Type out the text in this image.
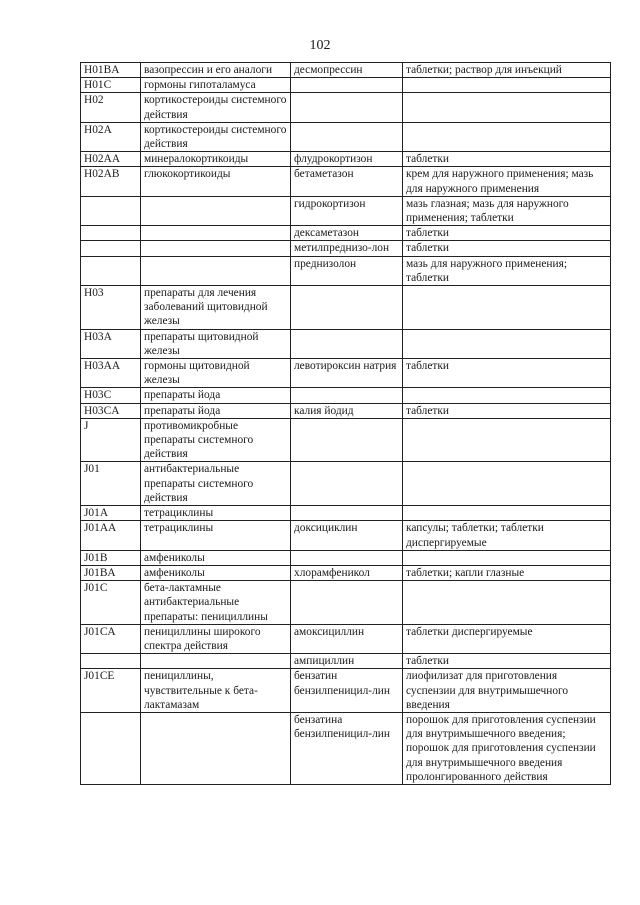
102
H01BA	вазопрессин и его аналоги	десмопрессин	таблетки; раствор для инъекций
H01C	гормоны гипоталамуса		
H02	кортикостероиды системного действия		
H02A	кортикостероиды системного действия		
H02AA	минералокортикоиды	флудрокортизон	таблетки
H02AB	глюкокортикоиды	бетаметазон	крем для наружного применения; мазь для наружного применения
		гидрокортизон	мазь глазная; мазь для наружного применения; таблетки
		дексаметазон	таблетки
		метилпреднизо-лон	таблетки
		преднизолон	мазь для наружного применения; таблетки
H03	препараты для лечения заболеваний щитовидной железы		
H03A	препараты щитовидной железы		
H03AA	гормоны щитовидной железы	левотироксин натрия	таблетки
H03C	препараты йода		
H03CA	препараты йода	калия йодид	таблетки
J	противомикробные препараты системного действия		
J01	антибактериальные препараты системного действия		
J01A	тетрациклины		
J01AA	тетрациклины	доксициклин	капсулы; таблетки; таблетки диспергируемые
J01B	амфениколы		
J01BA	амфениколы	хлорамфеникол	таблетки; капли глазные
J01C	бета-лактамные антибактериальные препараты: пенициллины		
J01CA	пенициллины широкого спектра действия	амоксициллин	таблетки диспергируемые
		ампициллин	таблетки
J01CE	пенициллины, чувствительные к бета-лактамазам	бензатин бензилпеницил-лин	лиофилизат для приготовления суспензии для внутримышечного введения
		бензатина бензилпеницил-лин	порошок для приготовления суспензии для внутримышечного введения; порошок для приготовления суспензии для внутримышечного введения пролонгированного действия
